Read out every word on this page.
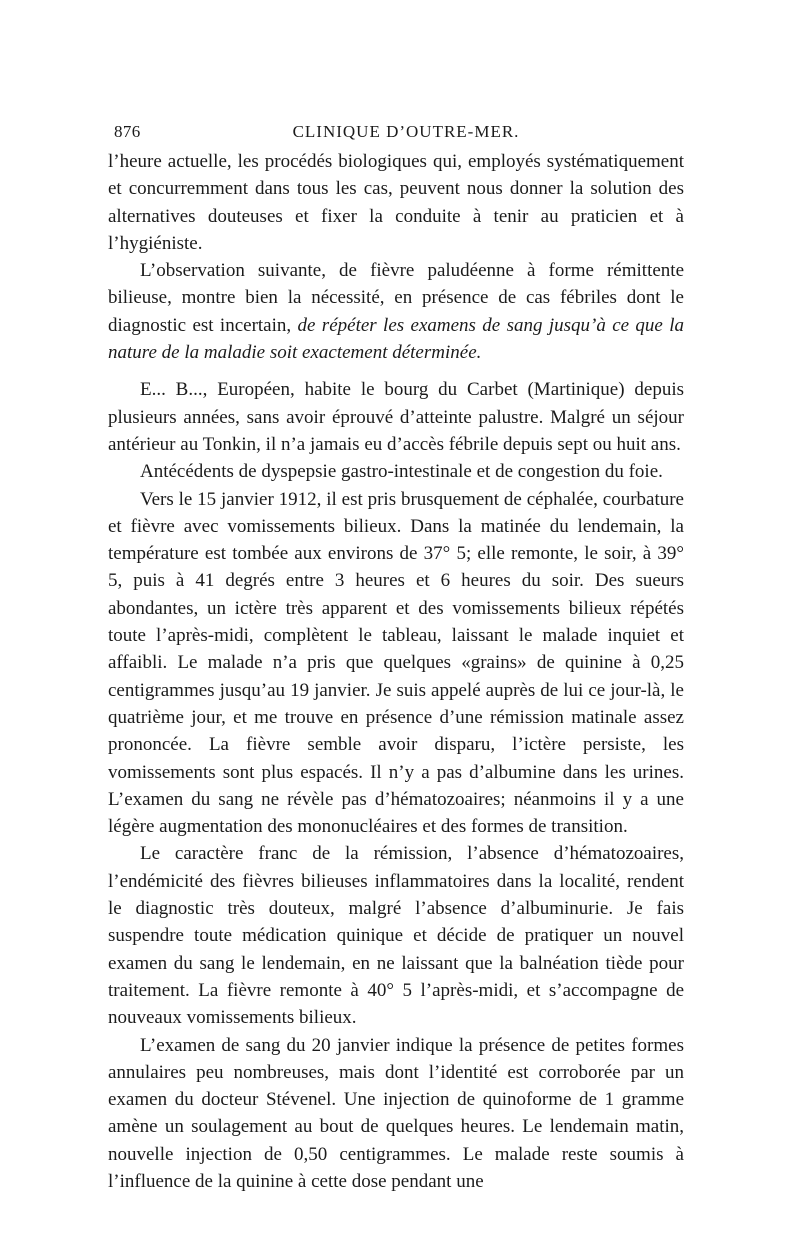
876	CLINIQUE D’OUTRE-MER.

l’heure actuelle, les procédés biologiques qui, employés systématiquement et concurremment dans tous les cas, peuvent nous donner la solution des alternatives douteuses et fixer la conduite à tenir au praticien et à l’hygiéniste.

L’observation suivante, de fièvre paludéenne à forme rémittente bilieuse, montre bien la nécessité, en présence de cas fébriles dont le diagnostic est incertain, de répéter les examens de sang jusqu’à ce que la nature de la maladie soit exactement déterminée.

E... B..., Européen, habite le bourg du Carbet (Martinique) depuis plusieurs années, sans avoir éprouvé d’atteinte palustre. Malgré un séjour antérieur au Tonkin, il n’a jamais eu d’accès fébrile depuis sept ou huit ans.

Antécédents de dyspepsie gastro-intestinale et de congestion du foie.

Vers le 15 janvier 1912, il est pris brusquement de céphalée, courbature et fièvre avec vomissements bilieux. Dans la matinée du lendemain, la température est tombée aux environs de 37° 5; elle remonte, le soir, à 39° 5, puis à 41 degrés entre 3 heures et 6 heures du soir. Des sueurs abondantes, un ictère très apparent et des vomissements bilieux répétés toute l’après-midi, complètent le tableau, laissant le malade inquiet et affaibli. Le malade n’a pris que quelques «grains» de quinine à 0,25 centigrammes jusqu’au 19 janvier. Je suis appelé auprès de lui ce jour-là, le quatrième jour, et me trouve en présence d’une rémission matinale assez prononcée. La fièvre semble avoir disparu, l’ictère persiste, les vomissements sont plus espacés. Il n’y a pas d’albumine dans les urines. L’examen du sang ne révèle pas d’hématozoaires; néanmoins il y a une légère augmentation des mononucléaires et des formes de transition.

Le caractère franc de la rémission, l’absence d’hématozoaires, l’endémicité des fièvres bilieuses inflammatoires dans la localité, rendent le diagnostic très douteux, malgré l’absence d’albuminurie. Je fais suspendre toute médication quinique et décide de pratiquer un nouvel examen du sang le lendemain, en ne laissant que la balnéation tiède pour traitement. La fièvre remonte à 40° 5 l’après-midi, et s’accompagne de nouveaux vomissements bilieux.

L’examen de sang du 20 janvier indique la présence de petites formes annulaires peu nombreuses, mais dont l’identité est corroborée par un examen du docteur Stévenel. Une injection de quinoforme de 1 gramme amène un soulagement au bout de quelques heures. Le lendemain matin, nouvelle injection de 0,50 centigrammes. Le malade reste soumis à l’influence de la quinine à cette dose pendant une
